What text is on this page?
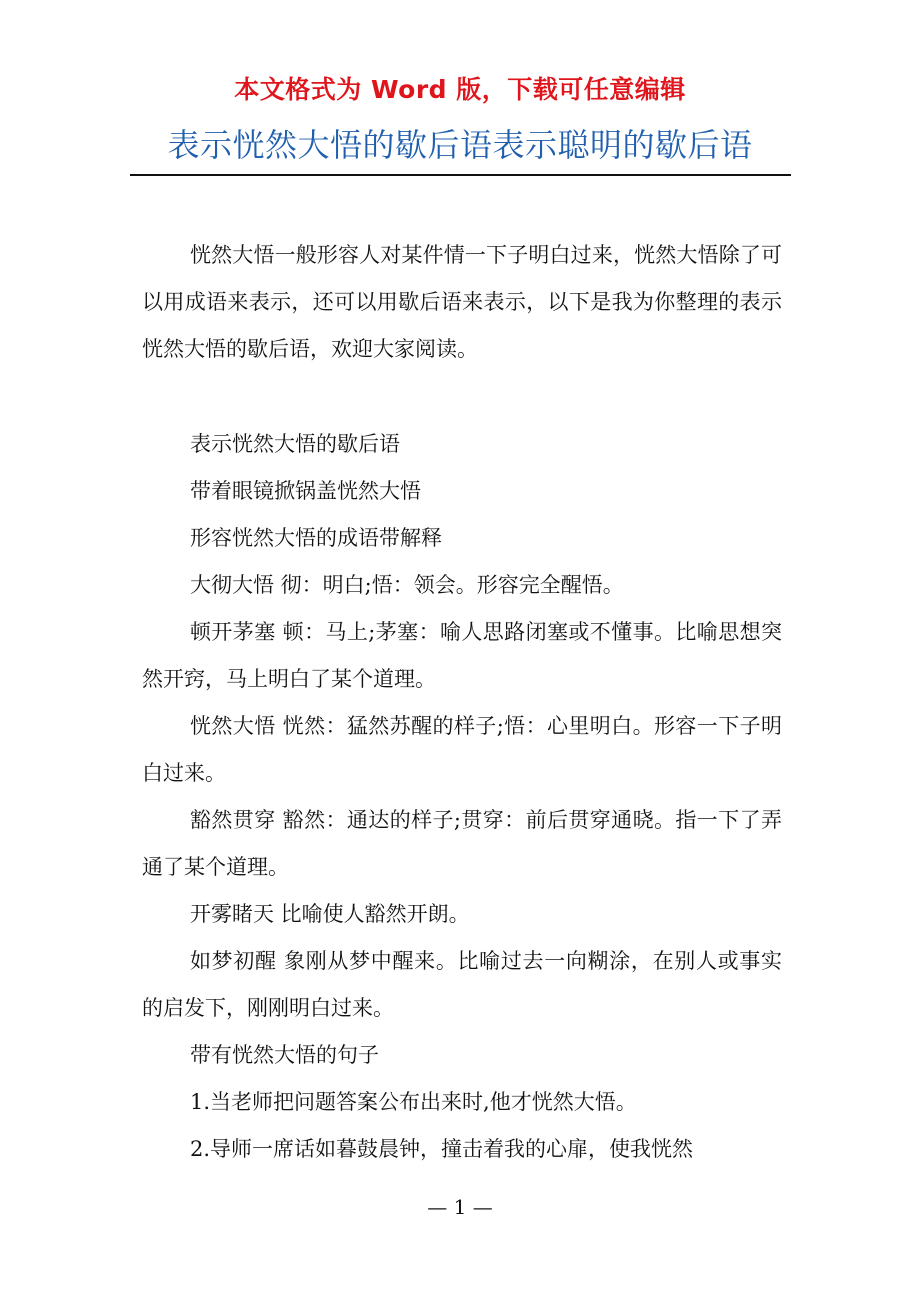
本文格式为 Word 版，下载可任意编辑
表示恍然大悟的歇后语表示聪明的歇后语

恍然大悟一般形容人对某件情一下子明白过来，恍然大悟除了可以用成语来表示，还可以用歇后语来表示，以下是我为你整理的表示恍然大悟的歇后语，欢迎大家阅读。

表示恍然大悟的歇后语

带着眼镜掀锅盖恍然大悟

形容恍然大悟的成语带解释

大彻大悟 彻：明白;悟：领会。形容完全醒悟。

顿开茅塞 顿：马上;茅塞：喻人思路闭塞或不懂事。比喻思想突然开窍，马上明白了某个道理。

恍然大悟 恍然：猛然苏醒的样子;悟：心里明白。形容一下子明白过来。

豁然贯穿 豁然：通达的样子;贯穿：前后贯穿通晓。指一下了弄通了某个道理。

开雾睹天 比喻使人豁然开朗。

如梦初醒 象刚从梦中醒来。比喻过去一向糊涂，在别人或事实的启发下，刚刚明白过来。

带有恍然大悟的句子

1.当老师把问题答案公布出来时,他才恍然大悟。

2.导师一席话如暮鼓晨钟，撞击着我的心扉，使我恍然

— 1 —
